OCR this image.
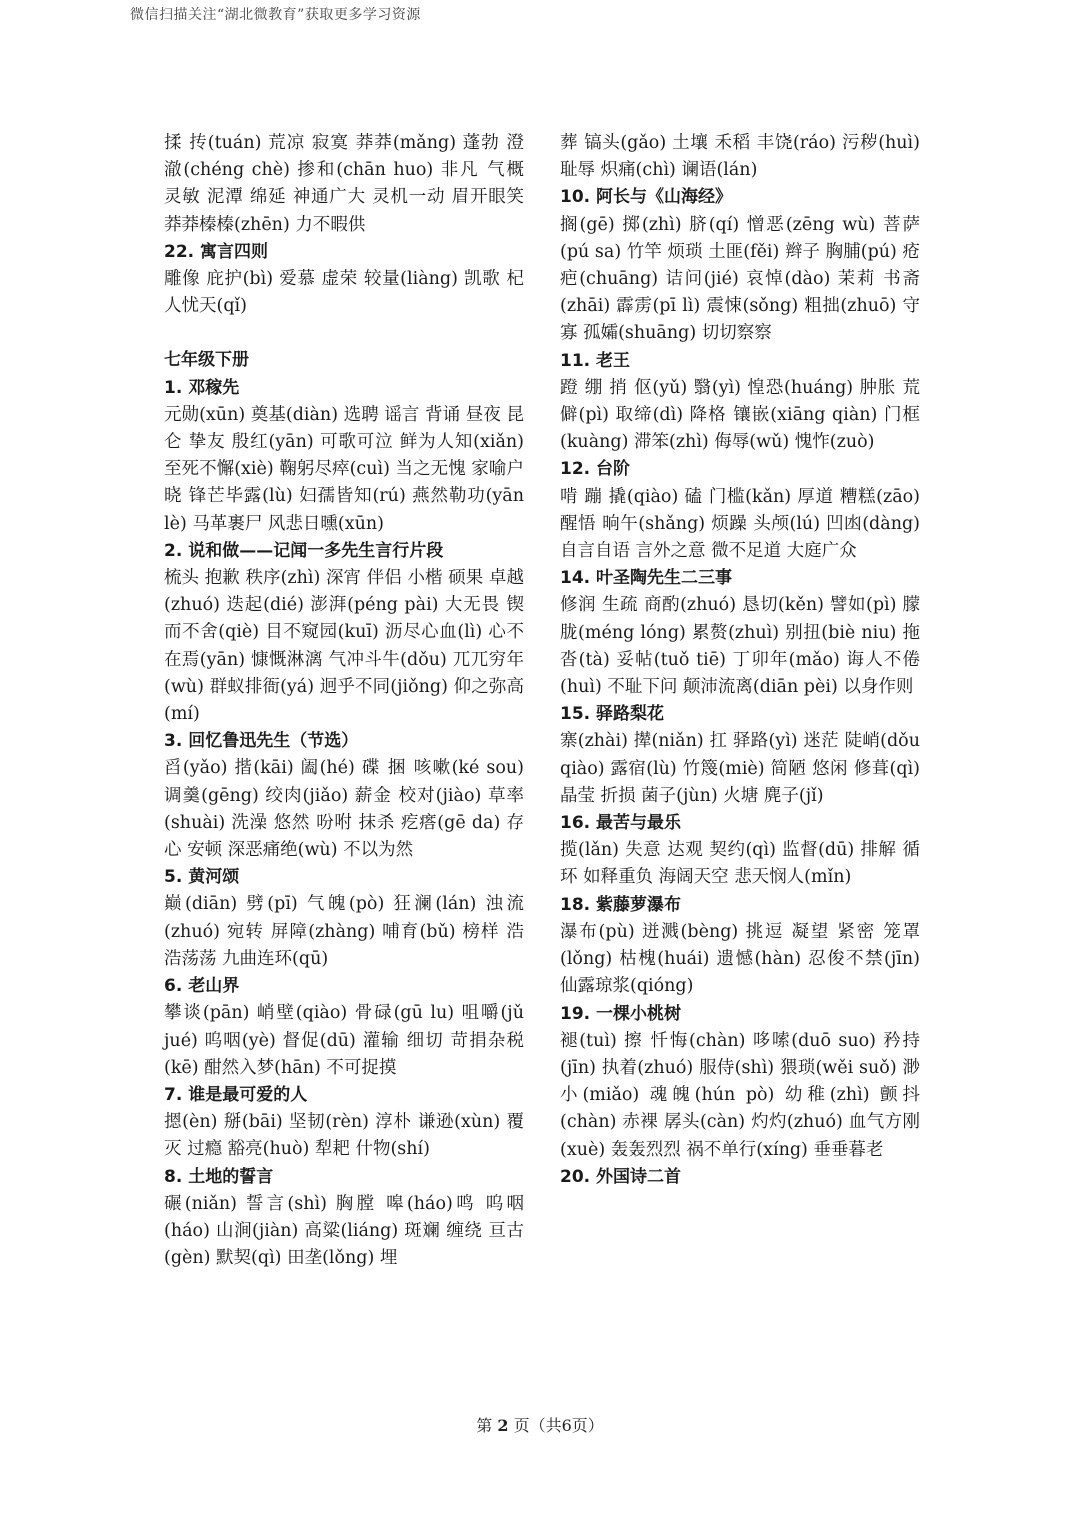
微信扫描关注“湖北微教育”获取更多学习资源

揉 抟(tuán) 荒凉 寂寞 莽莽(mǎng) 蓬勃 澄澈(chéng chè) 掺和(chān huo) 非凡 气概 灵敏 泥潭 绵延 神通广大 灵机一动 眉开眼笑 莽莽榛榛(zhēn) 力不暇供

22. 寓言四则

雕像 庇护(bì) 爱慕 虚荣 较量(liàng) 凯歌 杞人忧天(qǐ)

七年级下册

1. 邓稼先

元勋(xūn) 奠基(diàn) 选聘 谣言 背诵 昼夜 昆仑 挚友 殷红(yān) 可歌可泣 鲜为人知(xiǎn) 至死不懈(xiè) 鞠躬尽瘁(cuì) 当之无愧 家喻户晓 锋芒毕露(lù) 妇孺皆知(rú) 燕然勒功(yān lè) 马革裹尸 风悲日曛(xūn)

2. 说和做——记闻一多先生言行片段

梳头 抱歉 秩序(zhì) 深宵 伴侣 小楷 硕果 卓越(zhuó) 迭起(dié) 澎湃(péng pài) 大无畏 锲而不舍(qiè) 目不窥园(kuī) 沥尽心血(lì) 心不在焉(yān) 慷慨淋漓 气冲斗牛(dǒu) 兀兀穷年(wù) 群蚁排衙(yá) 迥乎不同(jiǒng) 仰之弥高(mí)

3. 回忆鲁迅先生（节选）

舀(yǎo) 揩(kāi) 阖(hé) 碟 捆 咳嗽(ké sou) 调羹(gēng) 绞肉(jiǎo) 薪金 校对(jiào) 草率(shuài) 洗澡 悠然 吩咐 抹杀 疙瘩(gē da) 存心 安顿 深恶痛绝(wù) 不以为然

5. 黄河颂

巅(diān) 劈(pī) 气魄(pò) 狂澜(lán) 浊流(zhuó) 宛转 屏障(zhàng) 哺育(bǔ) 榜样 浩浩荡荡 九曲连环(qū)

6. 老山界

攀谈(pān) 峭壁(qiào) 骨碌(gū lu) 咀嚼(jǔ jué) 呜咽(yè) 督促(dū) 灌输 细切 苛捐杂税(kē) 酣然入梦(hān) 不可捉摸

7. 谁是最可爱的人

摁(èn) 掰(bāi) 坚韧(rèn) 淳朴 谦逊(xùn) 覆灭 过瘾 豁亮(huò) 犁耙 什物(shí)

8. 土地的誓言

碾(niǎn) 誓言(shì) 胸膛 嗥(háo)鸣 呜咽(háo) 山涧(jiàn) 高粱(liáng) 斑斓 缠绕 亘古(gèn) 默契(qì) 田垄(lǒng) 埋

葬 镐头(gǎo) 土壤 禾稻 丰饶(ráo) 污秽(huì) 耻辱 炽痛(chì) 谰语(lán)

10. 阿长与《山海经》

搁(gē) 掷(zhì) 脐(qí) 憎恶(zēng wù) 菩萨(pú sa) 竹竿 烦琐 土匪(fěi) 辫子 胸脯(pú) 疮疤(chuāng) 诘问(jié) 哀悼(dào) 茉莉 书斋(zhāi) 霹雳(pī lì) 震悚(sǒng) 粗拙(zhuō) 守寡 孤孀(shuāng) 切切察察

11. 老王

蹬 绷 捎 伛(yǔ) 翳(yì) 惶恐(huáng) 肿胀 荒僻(pì) 取缔(dì) 降格 镶嵌(xiāng qiàn) 门框(kuàng) 滞笨(zhì) 侮辱(wǔ) 愧怍(zuò)

12. 台阶

啃 蹦 撬(qiào) 磕 门槛(kǎn) 厚道 糟糕(zāo) 醒悟 晌午(shǎng) 烦躁 头颅(lú) 凹凼(dàng) 自言自语 言外之意 微不足道 大庭广众

14. 叶圣陶先生二三事

修润 生疏 商酌(zhuó) 恳切(kěn) 譬如(pì) 朦胧(méng lóng) 累赘(zhuì) 别扭(biè niu) 拖沓(tà) 妥帖(tuǒ tiē) 丁卯年(mǎo) 诲人不倦(huì) 不耻下问 颠沛流离(diān pèi) 以身作则

15. 驿路梨花

寨(zhài) 撵(niǎn) 扛 驿路(yì) 迷茫 陡峭(dǒu qiào) 露宿(lù) 竹篾(miè) 简陋 悠闲 修葺(qì) 晶莹 折损 菌子(jùn) 火塘 麂子(jǐ)

16. 最苦与最乐

揽(lǎn) 失意 达观 契约(qì) 监督(dū) 排解 循环 如释重负 海阔天空 悲天悯人(mǐn)

18. 紫藤萝瀑布

瀑布(pù) 迸溅(bèng) 挑逗 凝望 紧密 笼罩(lǒng) 枯槐(huái) 遗憾(hàn) 忍俊不禁(jīn) 仙露琼浆(qióng)

19. 一棵小桃树

褪(tuì) 擦 忏悔(chàn) 哆嗦(duō suo) 矜持(jīn) 执着(zhuó) 服侍(shì) 猥琐(wěi suǒ) 渺小(miǎo) 魂魄(hún pò) 幼稚(zhì) 颤抖(chàn) 赤裸 孱头(càn) 灼灼(zhuó) 血气方刚(xuè) 轰轰烈烈 祸不单行(xíng) 垂垂暮老

20. 外国诗二首

第 2 页（共6页）
